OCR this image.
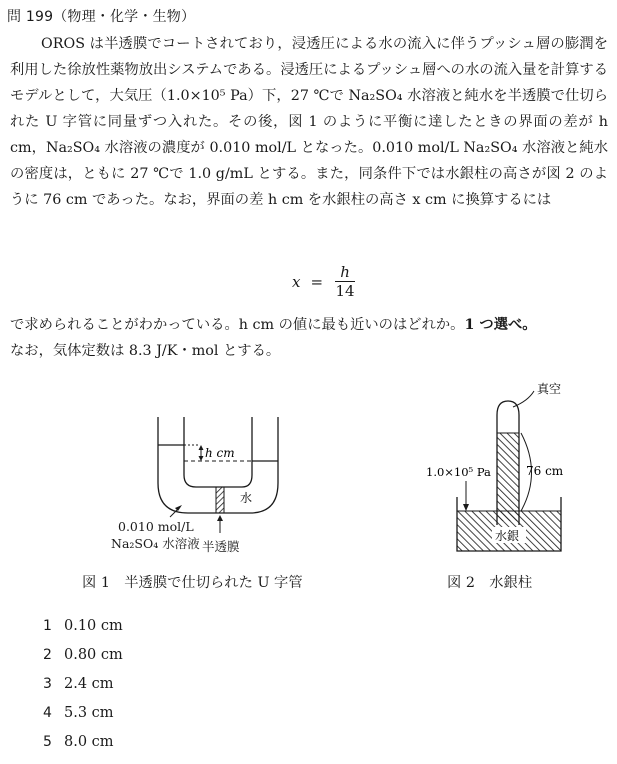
問 199（物理・化学・生物）
OROS は半透膜でコートされており，浸透圧による水の流入に伴うプッシュ層の膨潤を利用した徐放性薬物放出システムである。浸透圧によるプッシュ層への水の流入量を計算するモデルとして，大気圧（1.0×10⁵ Pa）下，27 ℃で Na₂SO₄ 水溶液と純水を半透膜で仕切られた U 字管に同量ずつ入れた。その後，図 1 のように平衡に達したときの界面の差が h cm，Na₂SO₄ 水溶液の濃度が 0.010 mol/L となった。0.010 mol/L Na₂SO₄ 水溶液と純水の密度は，ともに 27 ℃で 1.0 g/mL とする。また，同条件下では水銀柱の高さが図 2 のように 76 cm であった。なお，界面の差 h cm を水銀柱の高さ x cm に換算するには
$x = \frac{h}{14}$
で求められることがわかっている。h cm の値に最も近いのはどれか。1 つ選べ。
なお，気体定数は 8.3 J/K・mol とする。
h cm
水
0.010 mol/L
Na₂SO₄ 水溶液 半透膜
図 1　半透膜で仕切られた U 字管
真空
76 cm
1.0×10⁵ Pa
水銀
図 2　水銀柱
1 0.10 cm
2 0.80 cm
3 2.4 cm
4 5.3 cm
5 8.0 cm
